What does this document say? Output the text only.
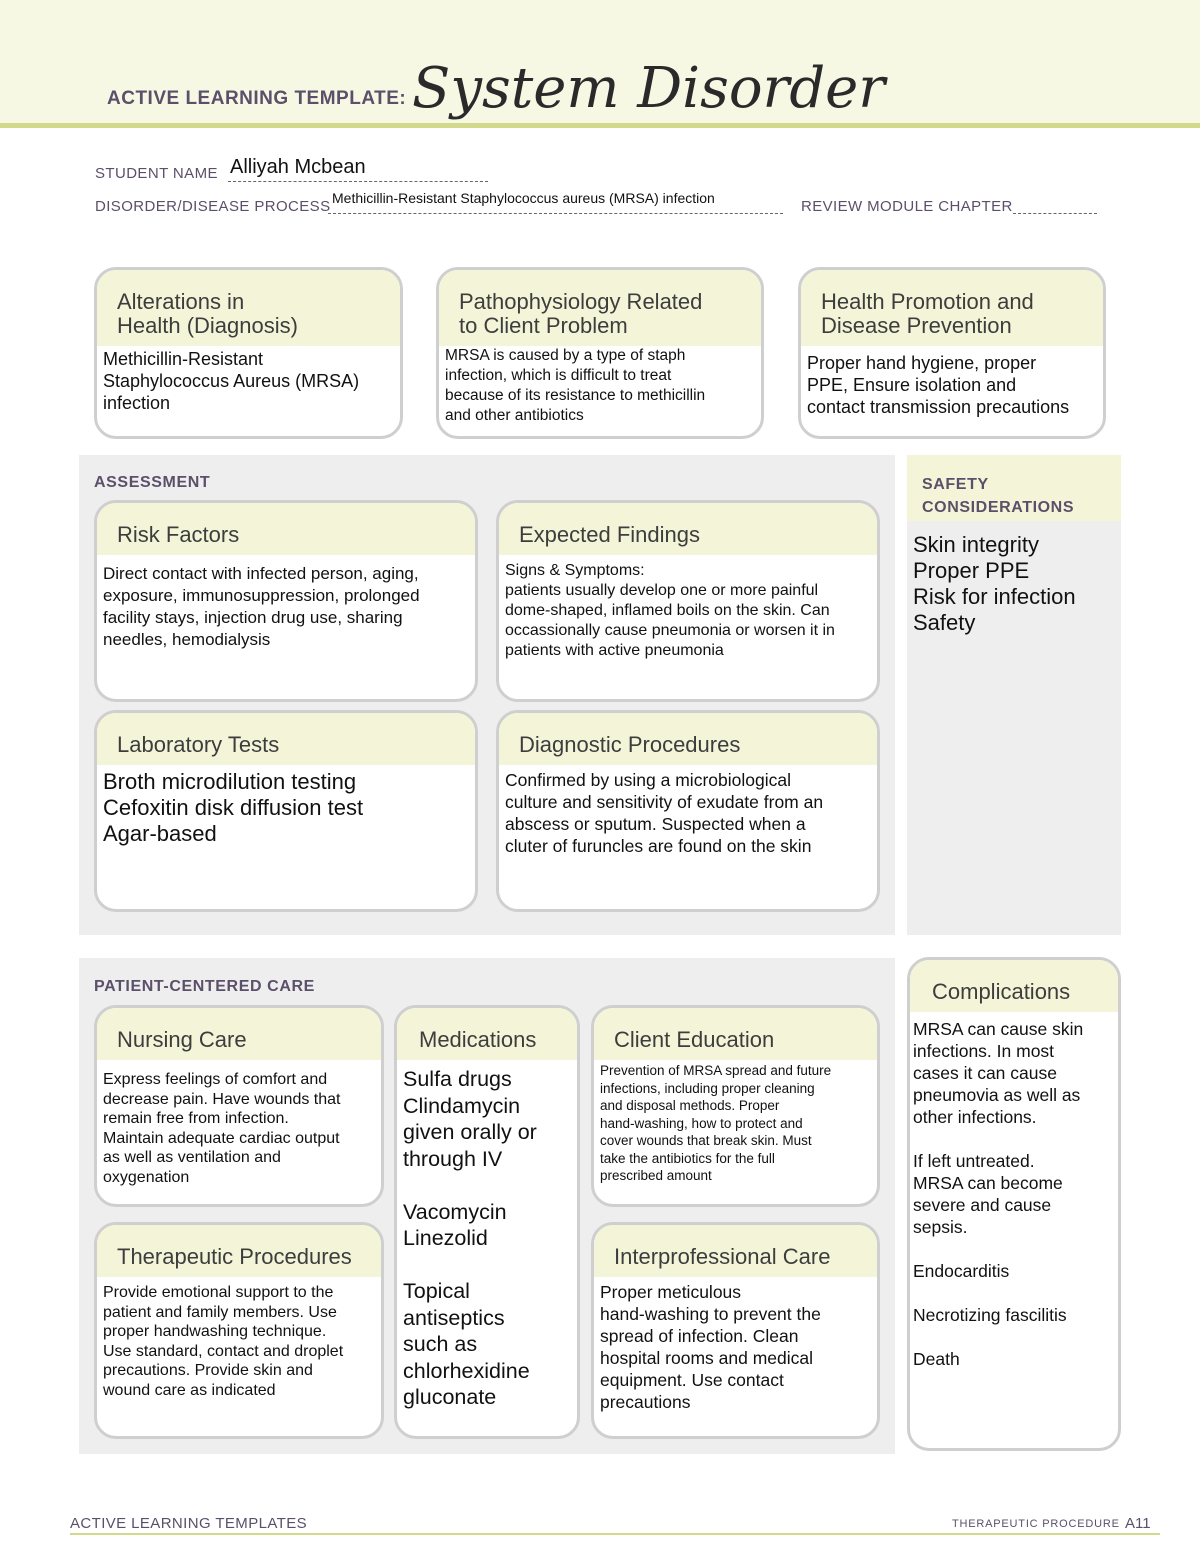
ACTIVE LEARNING TEMPLATE: System Disorder
STUDENT NAME Alliyah Mcbean
DISORDER/DISEASE PROCESS Methicillin-Resistant Staphylococcus aureus (MRSA) infection	REVIEW MODULE CHAPTER
Alterations in
Health (Diagnosis)
Methicillin-Resistant
Staphylococcus Aureus (MRSA)
infection
Pathophysiology Related
to Client Problem
MRSA is caused by a type of staph
infection, which is difficult to treat
because of its resistance to methicillin
and other antibiotics
Health Promotion and
Disease Prevention
Proper hand hygiene, proper
PPE, Ensure isolation and
contact transmission precautions
ASSESSMENT
Risk Factors
Direct contact with infected person, aging,
exposure, immunosuppression, prolonged
facility stays, injection drug use, sharing
needles, hemodialysis
Expected Findings
Signs & Symptoms:
patients usually develop one or more painful
dome-shaped, inflamed boils on the skin. Can
occassionally cause pneumonia or worsen it in
patients with active pneumonia
Laboratory Tests
Broth microdilution testing
Cefoxitin disk diffusion test
Agar-based
Diagnostic Procedures
Confirmed by using a microbiological
culture and sensitivity of exudate from an
abscess or sputum. Suspected when a
cluter of furuncles are found on the skin
SAFETY
CONSIDERATIONS
Skin integrity
Proper PPE
Risk for infection
Safety
PATIENT-CENTERED CARE
Nursing Care
Express feelings of comfort and
decrease pain. Have wounds that
remain free from infection.
Maintain adequate cardiac output
as well as ventilation and
oxygenation
Medications
Sulfa drugs
Clindamycin
given orally or
through IV

Vacomycin
Linezolid

Topical
antiseptics
such as
chlorhexidine
gluconate
Client Education
Prevention of MRSA spread and future
infections, including proper cleaning
and disposal methods. Proper
hand-washing, how to protect and
cover wounds that break skin. Must
take the antibiotics for the full
prescribed amount
Therapeutic Procedures
Provide emotional support to the
patient and family members. Use
proper handwashing technique.
Use standard, contact and droplet
precautions. Provide skin and
wound care as indicated
Interprofessional Care
Proper meticulous
hand-washing to prevent the
spread of infection. Clean
hospital rooms and medical
equipment. Use contact
precautions
Complications
MRSA can cause skin
infections. In most
cases it can cause
pneumovia as well as
other infections.

If left untreated.
MRSA can become
severe and cause
sepsis.

Endocarditis

Necrotizing fascilitis

Death
ACTIVE LEARNING TEMPLATES	THERAPEUTIC PROCEDURE A11
